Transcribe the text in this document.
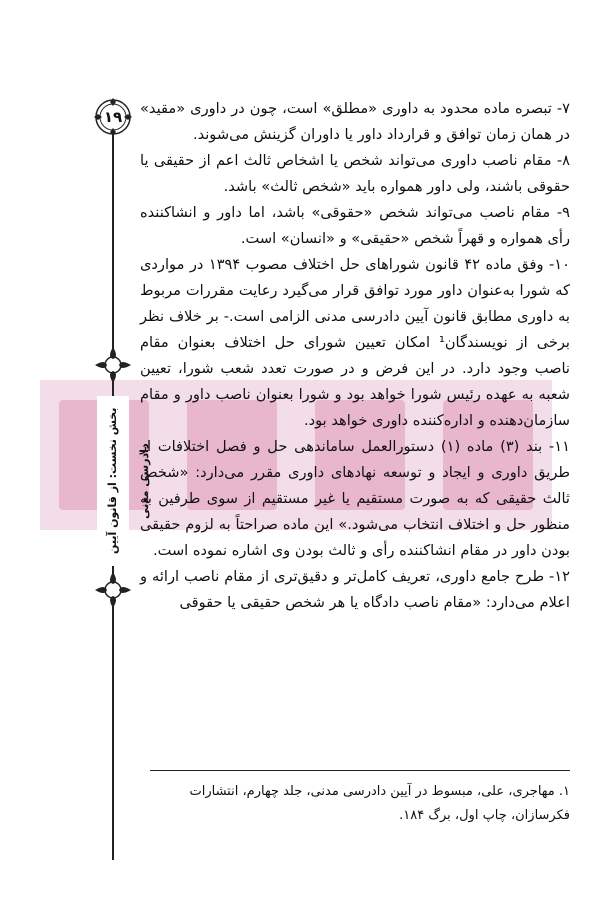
۱۹
بخش نخست: از قانون آیین دادرسی مدنی

۷- تبصره ماده محدود به داوری «مطلق» است، چون در داوری «مقید» در همان زمان توافق و قرارداد داور یا داوران گزینش می‌شوند.

۸- مقام ناصب داوری می‌تواند شخص یا اشخاص ثالث اعم از حقیقی یا حقوقی باشند، ولی داور همواره باید «شخص ثالث» باشد.

۹- مقام ناصب می‌تواند شخص «حقوقی» باشد، اما داور و انشاکننده رأی همواره و قهراً شخص «حقیقی» و «انسان» است.

۱۰- وفق ماده ۴۲ قانون شوراهای حل اختلاف مصوب ۱۳۹۴ در مواردی که شورا به‌عنوان داور مورد توافق قرار می‌گیرد رعایت مقررات مربوط به داوری مطابق قانون آیین دادرسی مدنی الزامی است.- بر خلاف نظر برخی از نویسندگان¹ امکان تعیین شورای حل اختلاف بعنوان مقام ناصب وجود دارد. در این فرض و در صورت تعدد شعب شورا، تعیین شعبه به عهده رئیس شورا خواهد بود و شورا بعنوان ناصب داور و مقام سازمان‌دهنده و اداره‌کننده داوری خواهد بود.

۱۱- بند (۳) ماده (۱) دستورالعمل ساماندهی حل و فصل اختلافات از طریق داوری و ایجاد و توسعه نهادهای داوری مقرر می‌دارد: «شخص ثالث حقیقی که به صورت مستقیم یا غیر مستقیم از سوی طرفین به منظور حل و اختلاف انتخاب می‌شود.» این ماده صراحتاً به لزوم حقیقی بودن داور در مقام انشاکننده رأی و ثالث بودن وی اشاره نموده است.

۱۲- طرح جامع داوری، تعریف کامل‌تر و دقیق‌تری از مقام ناصب ارائه و اعلام می‌دارد: «مقام ناصب دادگاه یا هر شخص حقیقی یا حقوقی

۱. مهاجری، علی، مبسوط در آیین دادرسی مدنی، جلد چهارم، انتشارات فکرسازان، چاپ اول، برگ ۱۸۴.
